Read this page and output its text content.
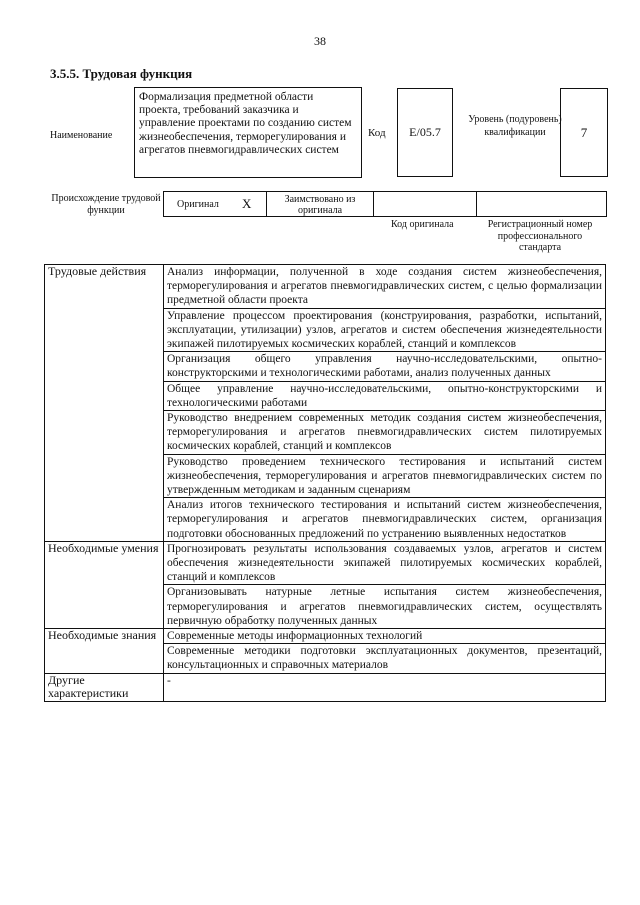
38
3.5.5. Трудовая функция
Наименование
Формализация предметной области проекта, требований заказчика и управление проектами по созданию систем жизнеобеспечения, терморегулирования и агрегатов пневмогидравлических систем
Код E/05.7
Уровень (подуровень) квалификации	7
Происхождение трудовой функции	Оригинал X	Заимствовано из оригинала
Код оригинала	Регистрационный номер профессионального стандарта
Трудовые действия	Анализ информации, полученной в ходе создания систем жизнеобеспечения, терморегулирования и агрегатов пневмогидравлических систем, с целью формализации предметной области проекта
	Управление процессом проектирования (конструирования, разработки, испытаний, эксплуатации, утилизации) узлов, агрегатов и систем обеспечения жизнедеятельности экипажей пилотируемых космических кораблей, станций и комплексов
	Организация общего управления научно-исследовательскими, опытно-конструкторскими и технологическими работами, анализ полученных данных
	Общее управление научно-исследовательскими, опытно-конструкторскими и технологическими работами
	Руководство внедрением современных методик создания систем жизнеобеспечения, терморегулирования и агрегатов пневмогидравлических систем пилотируемых космических кораблей, станций и комплексов
	Руководство проведением технического тестирования и испытаний систем жизнеобеспечения, терморегулирования и агрегатов пневмогидравлических систем по утвержденным методикам и заданным сценариям
	Анализ итогов технического тестирования и испытаний систем жизнеобеспечения, терморегулирования и агрегатов пневмогидравлических систем, организация подготовки обоснованных предложений по устранению выявленных недостатков
Необходимые умения	Прогнозировать результаты использования создаваемых узлов, агрегатов и систем обеспечения жизнедеятельности экипажей пилотируемых космических кораблей, станций и комплексов
	Организовывать натурные летные испытания систем жизнеобеспечения, терморегулирования и агрегатов пневмогидравлических систем, осуществлять первичную обработку полученных данных
Необходимые знания	Современные методы информационных технологий
	Современные методики подготовки эксплуатационных документов, презентаций, консультационных и справочных материалов
Другие характеристики	-
